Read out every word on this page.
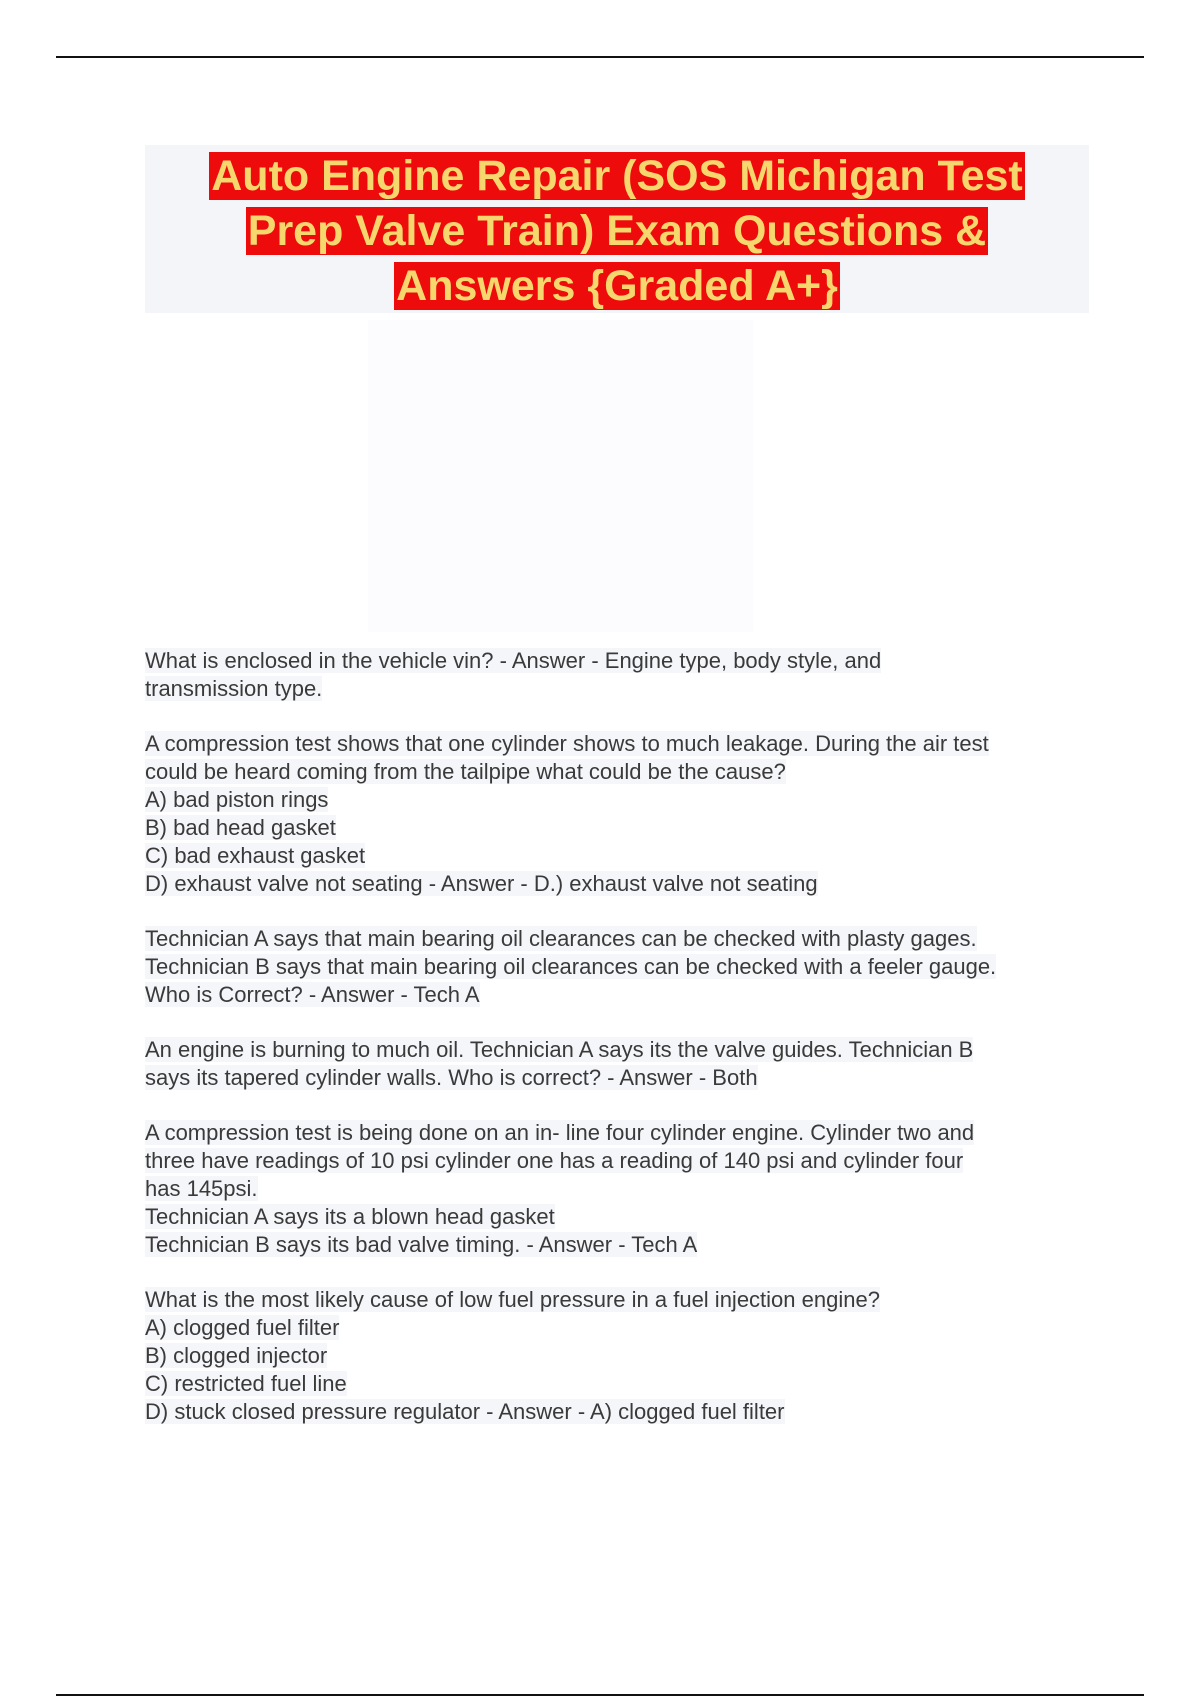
Auto Engine Repair (SOS Michigan Test
Prep Valve Train) Exam Questions &
Answers {Graded A+}
What is enclosed in the vehicle vin? - Answer - Engine type, body style, and
transmission type.
A compression test shows that one cylinder shows to much leakage. During the air test
could be heard coming from the tailpipe what could be the cause?
A) bad piston rings
B) bad head gasket
C) bad exhaust gasket
D) exhaust valve not seating - Answer - D.) exhaust valve not seating
Technician A says that main bearing oil clearances can be checked with plasty gages.
Technician B says that main bearing oil clearances can be checked with a feeler gauge.
Who is Correct? - Answer - Tech A
An engine is burning to much oil. Technician A says its the valve guides. Technician B
says its tapered cylinder walls. Who is correct? - Answer - Both
A compression test is being done on an in- line four cylinder engine. Cylinder two and
three have readings of 10 psi cylinder one has a reading of 140 psi and cylinder four
has 145psi.
Technician A says its a blown head gasket
Technician B says its bad valve timing. - Answer - Tech A
What is the most likely cause of low fuel pressure in a fuel injection engine?
A) clogged fuel filter
B) clogged injector
C) restricted fuel line
D) stuck closed pressure regulator - Answer - A) clogged fuel filter
